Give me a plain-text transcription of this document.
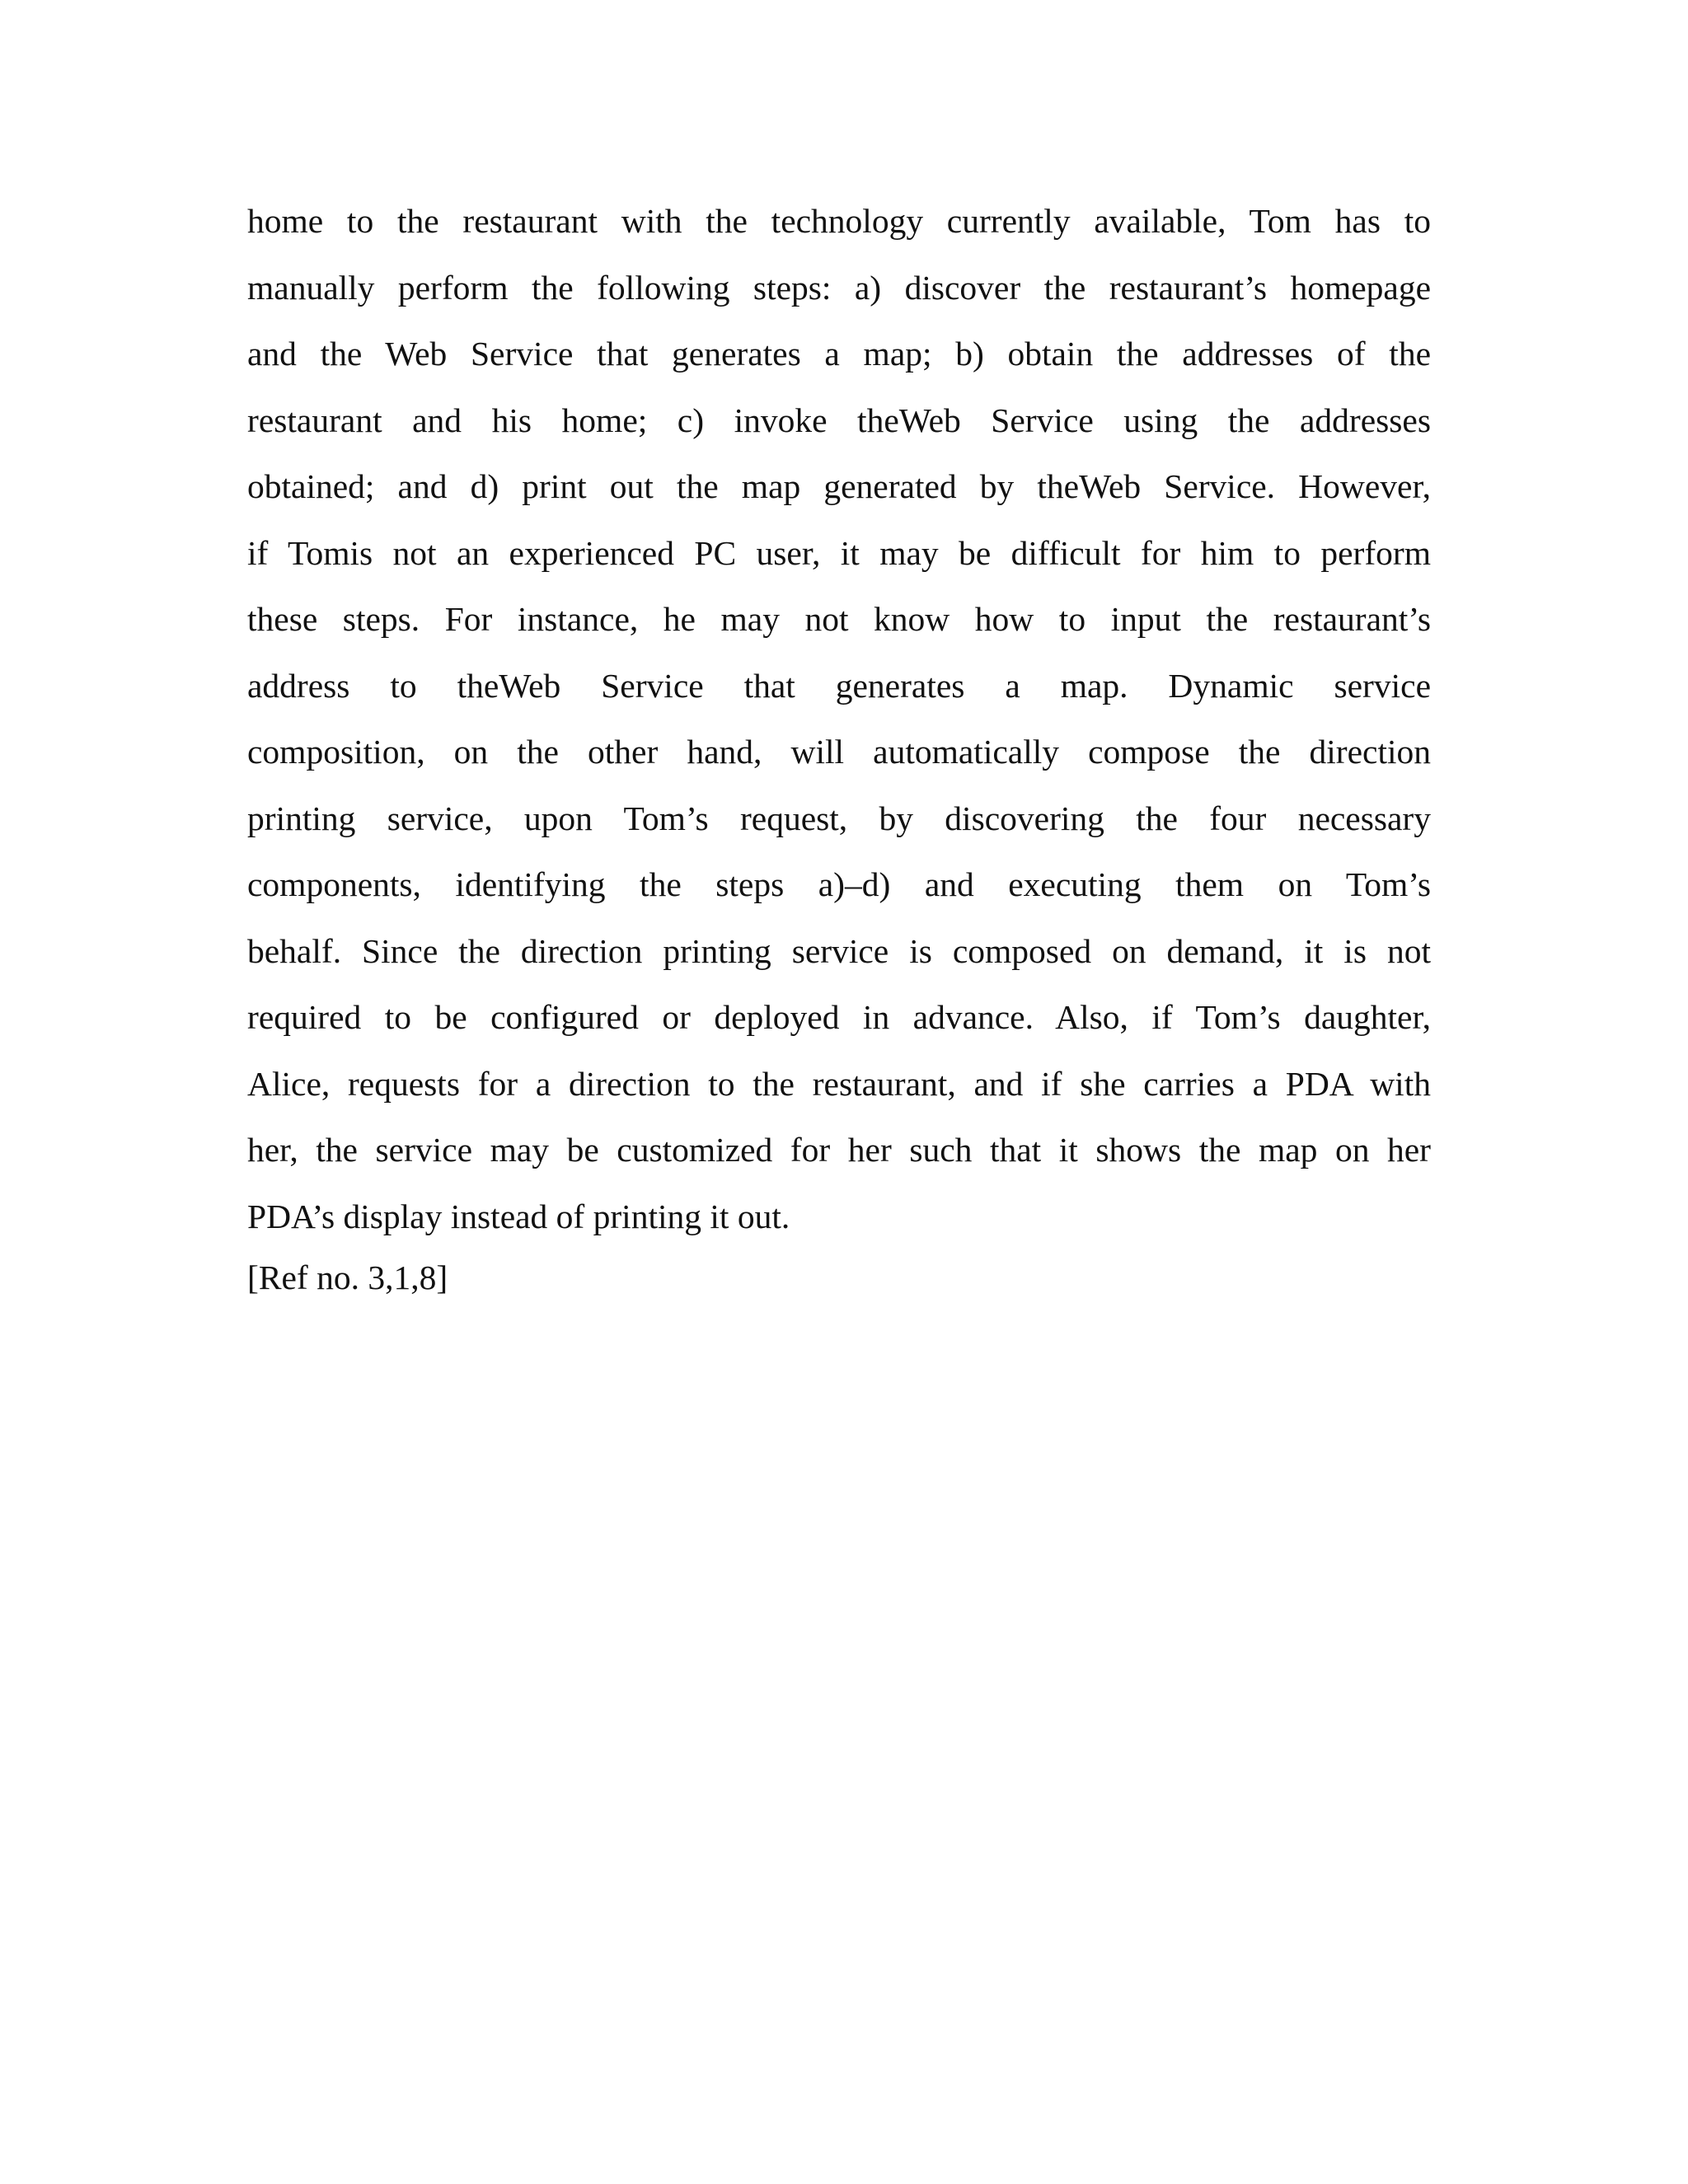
home to the restaurant with the technology currently available, Tom has to
manually perform the following steps: a) discover the restaurant’s homepage
and the Web Service that generates a map; b) obtain the addresses of the
restaurant and his home; c) invoke theWeb Service using the addresses
obtained; and d) print out the map generated by theWeb Service. However,
if Tomis not an experienced PC user, it may be difficult for him to perform
these steps. For instance, he may not know how to input the restaurant’s
address to theWeb Service that generates a map. Dynamic service
composition, on the other hand, will automatically compose the direction
printing service, upon Tom’s request, by discovering the four necessary
components, identifying the steps a)–d) and executing them on Tom’s
behalf. Since the direction printing service is composed on demand, it is not
required to be configured or deployed in advance. Also, if Tom’s daughter,
Alice, requests for a direction to the restaurant, and if she carries a PDA with
her, the service may be customized for her such that it shows the map on her
PDA’s display instead of printing it out.
[Ref no. 3,1,8]
